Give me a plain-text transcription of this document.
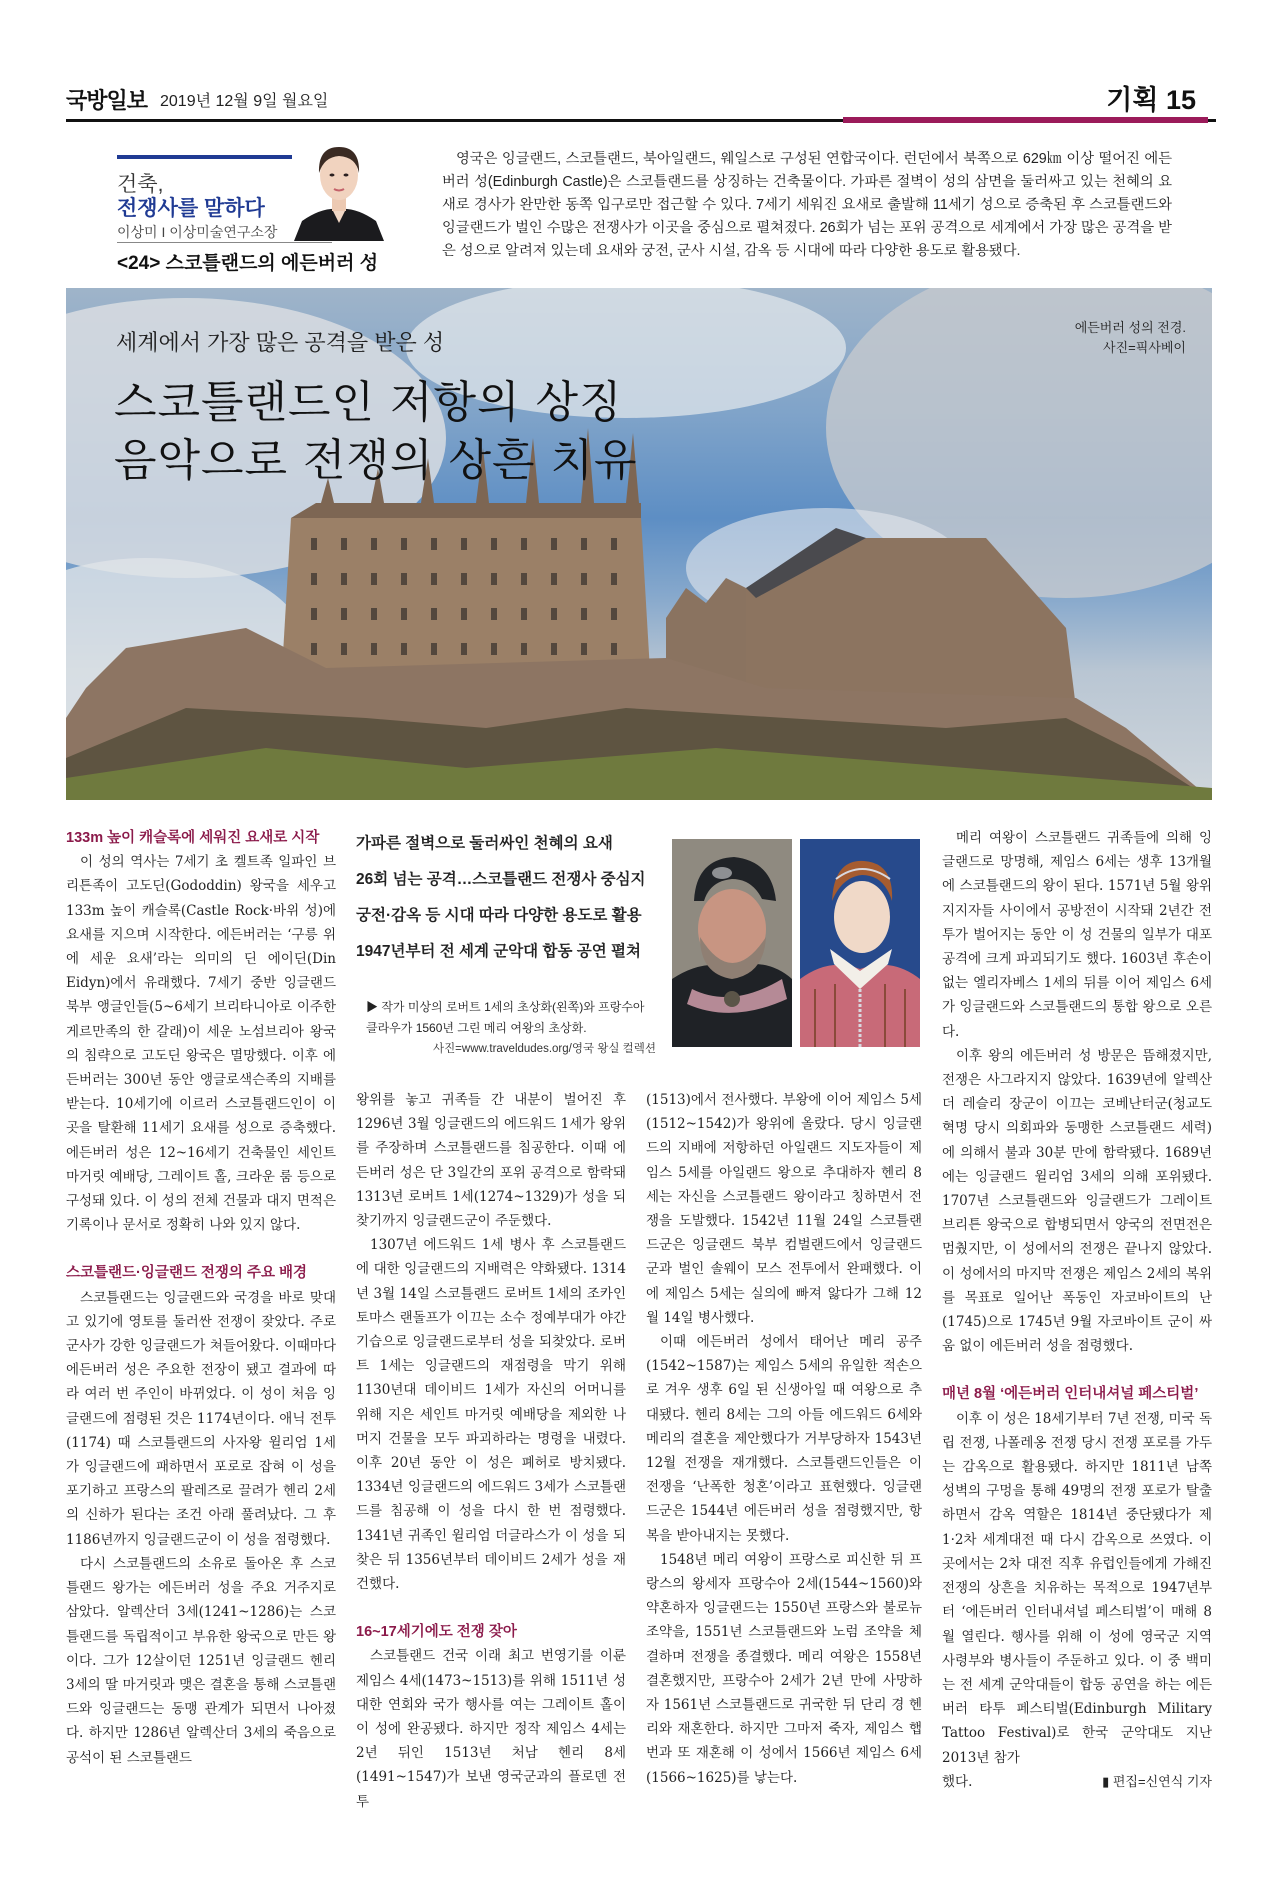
국방일보 2019년 12월 9일 월요일	기획 15
건축,
전쟁사를 말하다
이상미 I 이상미술연구소장
<24> 스코틀랜드의 에든버러 성
영국은 잉글랜드, 스코틀랜드, 북아일랜드, 웨일스로 구성된 연합국이다. 런던에서 북쪽으로 629㎞ 이상 떨어진 에든버러 성(Edinburgh Castle)은 스코틀랜드를 상징하는 건축물이다. 가파른 절벽이 성의 삼면을 둘러싸고 있는 천혜의 요새로 경사가 완만한 동쪽 입구로만 접근할 수 있다. 7세기 세워진 요새로 출발해 11세기 성으로 증축된 후 스코틀랜드와 잉글랜드가 벌인 수많은 전쟁사가 이곳을 중심으로 펼쳐졌다. 26회가 넘는 포위 공격으로 세계에서 가장 많은 공격을 받은 성으로 알려져 있는데 요새와 궁전, 군사 시설, 감옥 등 시대에 따라 다양한 용도로 활용됐다.
세계에서 가장 많은 공격을 받은 성
스코틀랜드인 저항의 상징
음악으로 전쟁의 상흔 치유
에든버러 성의 전경.
사진=픽사베이
133m 높이 캐슬록에 세워진 요새로 시작

이 성의 역사는 7세기 초 켈트족 일파인 브리튼족이 고도딘(Gododdin) 왕국을 세우고 133m 높이 캐슬록(Castle Rock·바위 성)에 요새를 지으며 시작한다. 에든버러는 ‘구릉 위에 세운 요새’라는 의미의 딘 에이딘(Din Eidyn)에서 유래했다. 7세기 중반 잉글랜드 북부 앵글인들(5~6세기 브리타니아로 이주한 게르만족의 한 갈래)이 세운 노섬브리아 왕국의 침략으로 고도딘 왕국은 멸망했다. 이후 에든버러는 300년 동안 앵글로색슨족의 지배를 받는다. 10세기에 이르러 스코틀랜드인이 이곳을 탈환해 11세기 요새를 성으로 증축했다. 에든버러 성은 12~16세기 건축물인 세인트 마거릿 예배당, 그레이트 홀, 크라운 룸 등으로 구성돼 있다. 이 성의 전체 건물과 대지 면적은 기록이나 문서로 정확히 나와 있지 않다.

스코틀랜드·잉글랜드 전쟁의 주요 배경

스코틀랜드는 잉글랜드와 국경을 바로 맞대고 있기에 영토를 둘러싼 전쟁이 잦았다. 주로 군사가 강한 잉글랜드가 쳐들어왔다. 이때마다 에든버러 성은 주요한 전장이 됐고 결과에 따라 여러 번 주인이 바뀌었다. 이 성이 처음 잉글랜드에 점령된 것은 1174년이다. 애닉 전투(1174) 때 스코틀랜드의 사자왕 윌리엄 1세가 잉글랜드에 패하면서 포로로 잡혀 이 성을 포기하고 프랑스의 팔레즈로 끌려가 헨리 2세의 신하가 된다는 조건 아래 풀려났다. 그 후 1186년까지 잉글랜드군이 이 성을 점령했다.

다시 스코틀랜드의 소유로 돌아온 후 스코틀랜드 왕가는 에든버러 성을 주요 거주지로 삼았다. 알렉산더 3세(1241~1286)는 스코틀랜드를 독립적이고 부유한 왕국으로 만든 왕이다. 그가 12살이던 1251년 잉글랜드 헨리 3세의 딸 마거릿과 맺은 결혼을 통해 스코틀랜드와 잉글랜드는 동맹 관계가 되면서 나아졌다. 하지만 1286년 알렉산더 3세의 죽음으로 공석이 된 스코틀랜드

가파른 절벽으로 둘러싸인 천혜의 요새
26회 넘는 공격…스코틀랜드 전쟁사 중심지
궁전·감옥 등 시대 따라 다양한 용도로 활용
1947년부터 전 세계 군악대 합동 공연 펼쳐
▶ 작가 미상의 로버트 1세의 초상화(왼쪽)와 프랑수아 클라우가 1560년 그린 메리 여왕의 초상화.
사진=www.traveldudes.org/영국 왕실 컬렉션

왕위를 놓고 귀족들 간 내분이 벌어진 후 1296년 3월 잉글랜드의 에드워드 1세가 왕위를 주장하며 스코틀랜드를 침공한다. 이때 에든버러 성은 단 3일간의 포위 공격으로 함락돼 1313년 로버트 1세(1274~1329)가 성을 되찾기까지 잉글랜드군이 주둔했다.

1307년 에드워드 1세 병사 후 스코틀랜드에 대한 잉글랜드의 지배력은 약화됐다. 1314년 3월 14일 스코틀랜드 로버트 1세의 조카인 토마스 랜돌프가 이끄는 소수 정예부대가 야간 기습으로 잉글랜드로부터 성을 되찾았다. 로버트 1세는 잉글랜드의 재점령을 막기 위해 1130년대 데이비드 1세가 자신의 어머니를 위해 지은 세인트 마거릿 예배당을 제외한 나머지 건물을 모두 파괴하라는 명령을 내렸다. 이후 20년 동안 이 성은 폐허로 방치됐다. 1334년 잉글랜드의 에드워드 3세가 스코틀랜드를 침공해 이 성을 다시 한 번 점령했다. 1341년 귀족인 윌리엄 더글라스가 이 성을 되찾은 뒤 1356년부터 데이비드 2세가 성을 재건했다.

16~17세기에도 전쟁 잦아

스코틀랜드 건국 이래 최고 번영기를 이룬 제임스 4세(1473~1513)를 위해 1511년 성대한 연회와 국가 행사를 여는 그레이트 홀이 이 성에 완공됐다. 하지만 정작 제임스 4세는 2년 뒤인 1513년 처남 헨리 8세(1491~1547)가 보낸 영국군과의 플로덴 전투

(1513)에서 전사했다. 부왕에 이어 제임스 5세(1512~1542)가 왕위에 올랐다. 당시 잉글랜드의 지배에 저항하던 아일랜드 지도자들이 제임스 5세를 아일랜드 왕으로 추대하자 헨리 8세는 자신을 스코틀랜드 왕이라고 칭하면서 전쟁을 도발했다. 1542년 11월 24일 스코틀랜드군은 잉글랜드 북부 컴벌랜드에서 잉글랜드군과 벌인 솔웨이 모스 전투에서 완패했다. 이에 제임스 5세는 실의에 빠져 앓다가 그해 12월 14일 병사했다.

이때 에든버러 성에서 태어난 메리 공주(1542~1587)는 제임스 5세의 유일한 적손으로 겨우 생후 6일 된 신생아일 때 여왕으로 추대됐다. 헨리 8세는 그의 아들 에드워드 6세와 메리의 결혼을 제안했다가 거부당하자 1543년 12월 전쟁을 재개했다. 스코틀랜드인들은 이 전쟁을 ‘난폭한 청혼’이라고 표현했다. 잉글랜드군은 1544년 에든버러 성을 점령했지만, 항복을 받아내지는 못했다.

1548년 메리 여왕이 프랑스로 피신한 뒤 프랑스의 왕세자 프랑수아 2세(1544~1560)와 약혼하자 잉글랜드는 1550년 프랑스와 불로뉴 조약을, 1551년 스코틀랜드와 노럼 조약을 체결하며 전쟁을 종결했다. 메리 여왕은 1558년 결혼했지만, 프랑수아 2세가 2년 만에 사망하자 1561년 스코틀랜드로 귀국한 뒤 단리 경 헨리와 재혼한다. 하지만 그마저 죽자, 제임스 햅번과 또 재혼해 이 성에서 1566년 제임스 6세(1566~1625)를 낳는다.

메리 여왕이 스코틀랜드 귀족들에 의해 잉글랜드로 망명해, 제임스 6세는 생후 13개월에 스코틀랜드의 왕이 된다. 1571년 5월 왕위 지지자들 사이에서 공방전이 시작돼 2년간 전투가 벌어지는 동안 이 성 건물의 일부가 대포 공격에 크게 파괴되기도 했다. 1603년 후손이 없는 엘리자베스 1세의 뒤를 이어 제임스 6세가 잉글랜드와 스코틀랜드의 통합 왕으로 오른다.

이후 왕의 에든버러 성 방문은 뜸해졌지만, 전쟁은 사그라지지 않았다. 1639년에 알렉산더 레슬리 장군이 이끄는 코베난터군(청교도혁명 당시 의회파와 동맹한 스코틀랜드 세력)에 의해서 불과 30분 만에 함락됐다. 1689년에는 잉글랜드 윌리엄 3세의 의해 포위됐다. 1707년 스코틀랜드와 잉글랜드가 그레이트 브리튼 왕국으로 합병되면서 양국의 전면전은 멈췄지만, 이 성에서의 전쟁은 끝나지 않았다. 이 성에서의 마지막 전쟁은 제임스 2세의 복위를 목표로 일어난 폭동인 자코바이트의 난(1745)으로 1745년 9월 자코바이트 군이 싸움 없이 에든버러 성을 점령했다.

매년 8월 ‘에든버러 인터내셔널 페스티벌’

이후 이 성은 18세기부터 7년 전쟁, 미국 독립 전쟁, 나폴레옹 전쟁 당시 전쟁 포로를 가두는 감옥으로 활용됐다. 하지만 1811년 남쪽 성벽의 구멍을 통해 49명의 전쟁 포로가 탈출하면서 감옥 역할은 1814년 중단됐다가 제1·2차 세계대전 때 다시 감옥으로 쓰였다. 이곳에서는 2차 대전 직후 유럽인들에게 가해진 전쟁의 상흔을 치유하는 목적으로 1947년부터 ‘에든버러 인터내셔널 페스티벌’이 매해 8월 열린다. 행사를 위해 이 성에 영국군 지역 사령부와 병사들이 주둔하고 있다. 이 중 백미는 전 세계 군악대들이 합동 공연을 하는 에든버러 타투 페스티벌(Edinburgh Military Tattoo Festival)로 한국 군악대도 지난 2013년 참가

했다.	▮ 편집=신연식 기자
